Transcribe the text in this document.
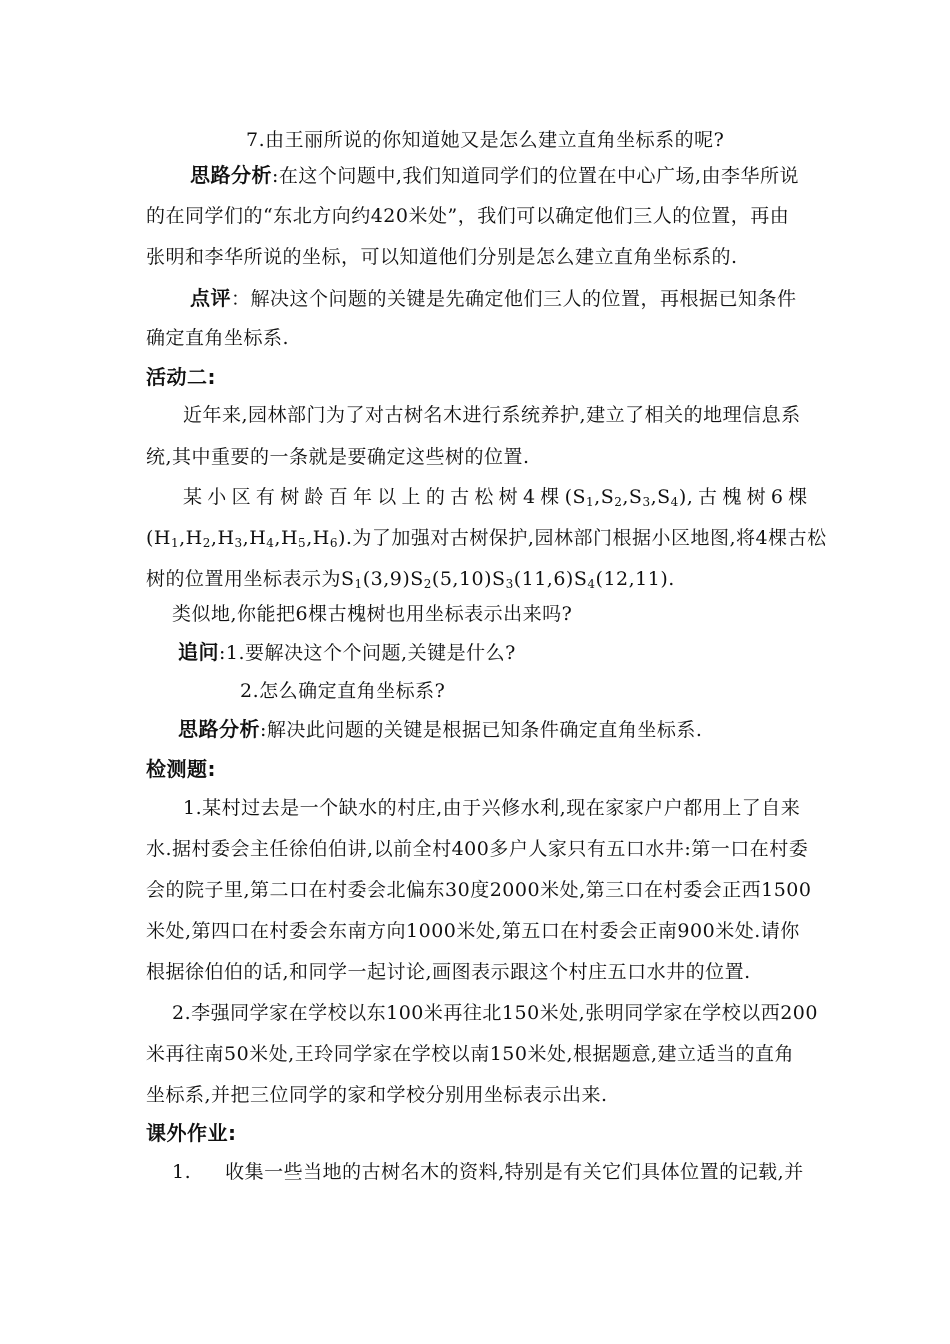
7.由王丽所说的你知道她又是怎么建立直角坐标系的呢?
思路分析:在这个问题中,我们知道同学们的位置在中心广场,由李华所说
的在同学们的“东北方向约420米处”，我们可以确定他们三人的位置，再由
张明和李华所说的坐标，可以知道他们分别是怎么建立直角坐标系的.
点评：解决这个问题的关键是先确定他们三人的位置，再根据已知条件
确定直角坐标系.
活动二:
近年来,园林部门为了对古树名木进行系统养护,建立了相关的地理信息系
统,其中重要的一条就是要确定这些树的位置.
某 小 区 有 树 龄 百 年 以 上 的 古 松 树 4 棵 $(S_1,S_2,S_3,S_4)$, 古 槐 树 6 棵
$(H_1,H_2,H_3,H_4,H_5,H_6)$.为了加强对古树保护,园林部门根据小区地图,将4棵古松
树的位置用坐标表示为$S_1(3,9)S_2(5,10)S_3(11,6)S_4(12,11)$.
类似地,你能把6棵古槐树也用坐标表示出来吗?
追问:1.要解决这个个问题,关键是什么?
2.怎么确定直角坐标系?
思路分析:解决此问题的关键是根据已知条件确定直角坐标系.
检测题:
1.某村过去是一个缺水的村庄,由于兴修水利,现在家家户户都用上了自来
水.据村委会主任徐伯伯讲,以前全村400多户人家只有五口水井:第一口在村委
会的院子里,第二口在村委会北偏东30度2000米处,第三口在村委会正西1500
米处,第四口在村委会东南方向1000米处,第五口在村委会正南900米处.请你
根据徐伯伯的话,和同学一起讨论,画图表示跟这个村庄五口水井的位置.
2.李强同学家在学校以东100米再往北150米处,张明同学家在学校以西200
米再往南50米处,王玲同学家在学校以南150米处,根据题意,建立适当的直角
坐标系,并把三位同学的家和学校分别用坐标表示出来.
课外作业:
1. 收集一些当地的古树名木的资料,特别是有关它们具体位置的记载,并
